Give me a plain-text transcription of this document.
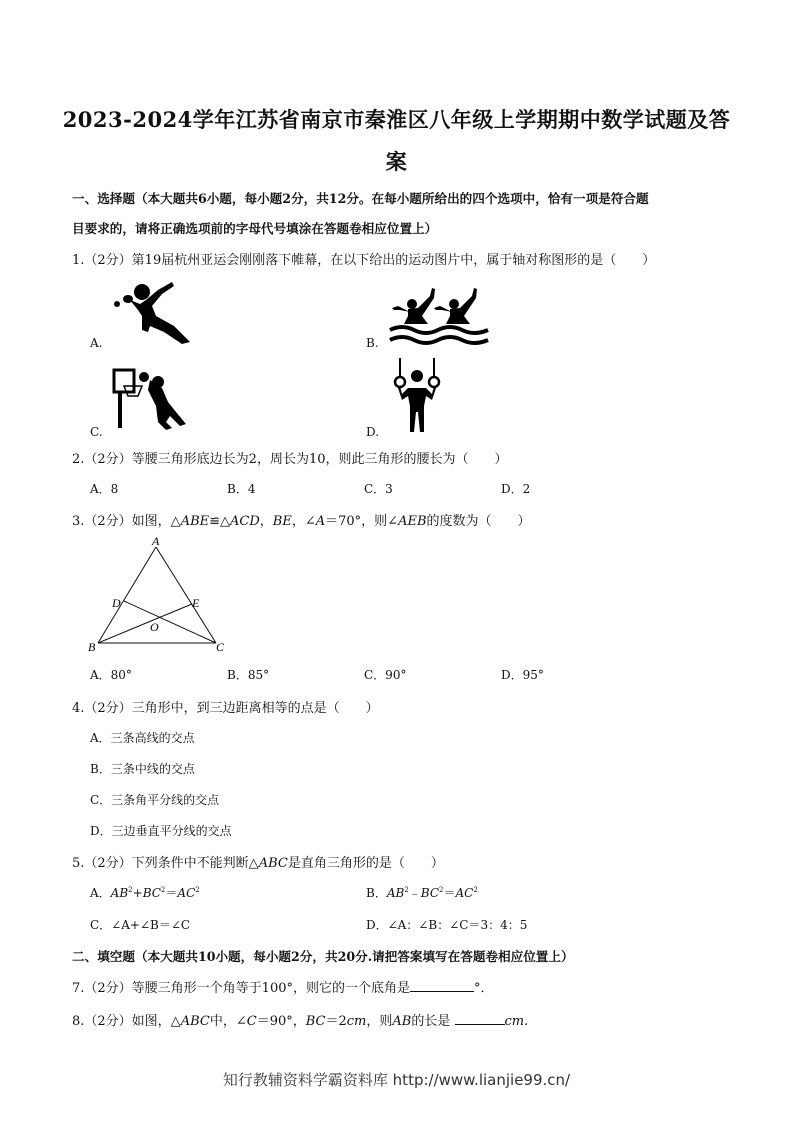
2023-2024学年江苏省南京市秦淮区八年级上学期期中数学试题及答
案
一、选择题（本大题共6小题，每小题2分，共12分。在每小题所给出的四个选项中，恰有一项是符合题
目要求的，请将正确选项前的字母代号填涂在答题卷相应位置上）
1.（2分）第19届杭州亚运会刚刚落下帷幕，在以下给出的运动图片中，属于轴对称图形的是（　　）
A.	B.
C.	D.
2.（2分）等腰三角形底边长为2，周长为10，则此三角形的腰长为（　　）
A．8	B．4	C．3	D．2
3.（2分）如图，△ABE≌△ACD，BE，∠A＝70°，则∠AEB的度数为（　　）
A
B	C
D	E
O
A．80°	B．85°	C．90°	D．95°
4.（2分）三角形中，到三边距离相等的点是（　　）
A．三条高线的交点
B．三条中线的交点
C．三条角平分线的交点
D．三边垂直平分线的交点
5.（2分）下列条件中不能判断△ABC是直角三角形的是（　　）
A．$AB^2+BC^2=AC^2$	B．$AB^2﹣BC^2=AC^2$
C．∠A+∠B＝∠C	D．∠A：∠B：∠C＝3：4：5
二、填空题（本大题共10小题，每小题2分，共20分.请把答案填写在答题卷相应位置上）
7.（2分）等腰三角形一个角等于100°，则它的一个底角是	°．
8.（2分）如图，△ABC中，∠C＝90°，BC＝2cm，则AB的长是	cm.
知行教辅资料学霸资料库 http://www.lianjie99.cn/
